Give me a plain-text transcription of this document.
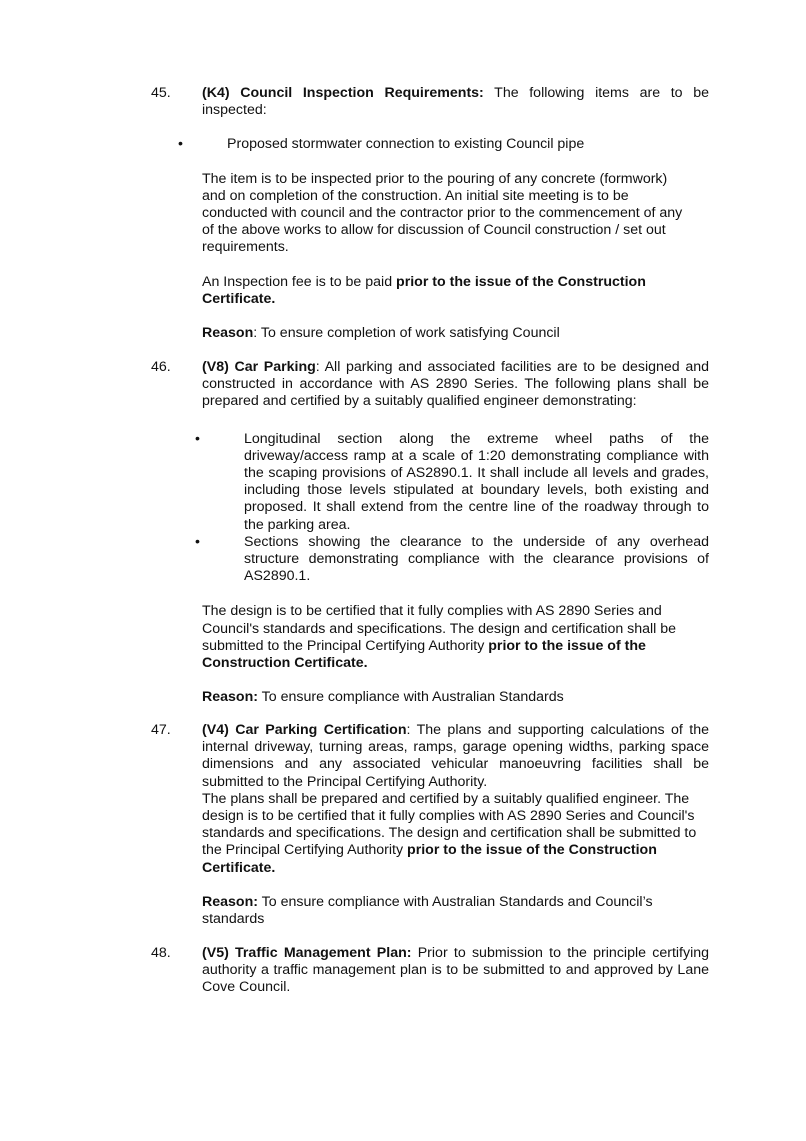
45.	(K4) Council Inspection Requirements: The following items are to be inspected:

•	Proposed stormwater connection to existing Council pipe

The item is to be inspected prior to the pouring of any concrete (formwork) and on completion of the construction. An initial site meeting is to be conducted with council and the contractor prior to the commencement of any of the above works to allow for discussion of Council construction / set out requirements.

An Inspection fee is to be paid prior to the issue of the Construction Certificate.

Reason: To ensure completion of work satisfying Council

46.	(V8) Car Parking: All parking and associated facilities are to be designed and constructed in accordance with AS 2890 Series. The following plans shall be prepared and certified by a suitably qualified engineer demonstrating:

•	Longitudinal section along the extreme wheel paths of the driveway/access ramp at a scale of 1:20 demonstrating compliance with the scaping provisions of AS2890.1. It shall include all levels and grades, including those levels stipulated at boundary levels, both existing and proposed. It shall extend from the centre line of the roadway through to the parking area.
•	Sections showing the clearance to the underside of any overhead structure demonstrating compliance with the clearance provisions of AS2890.1.

The design is to be certified that it fully complies with AS 2890 Series and Council's standards and specifications. The design and certification shall be submitted to the Principal Certifying Authority prior to the issue of the Construction Certificate.

Reason: To ensure compliance with Australian Standards

47.	(V4) Car Parking Certification: The plans and supporting calculations of the internal driveway, turning areas, ramps, garage opening widths, parking space dimensions and any associated vehicular manoeuvring facilities shall be submitted to the Principal Certifying Authority.

The plans shall be prepared and certified by a suitably qualified engineer. The design is to be certified that it fully complies with AS 2890 Series and Council's standards and specifications. The design and certification shall be submitted to the Principal Certifying Authority prior to the issue of the Construction Certificate.

Reason: To ensure compliance with Australian Standards and Council’s standards

48.	(V5) Traffic Management Plan: Prior to submission to the principle certifying authority a traffic management plan is to be submitted to and approved by Lane Cove Council.
